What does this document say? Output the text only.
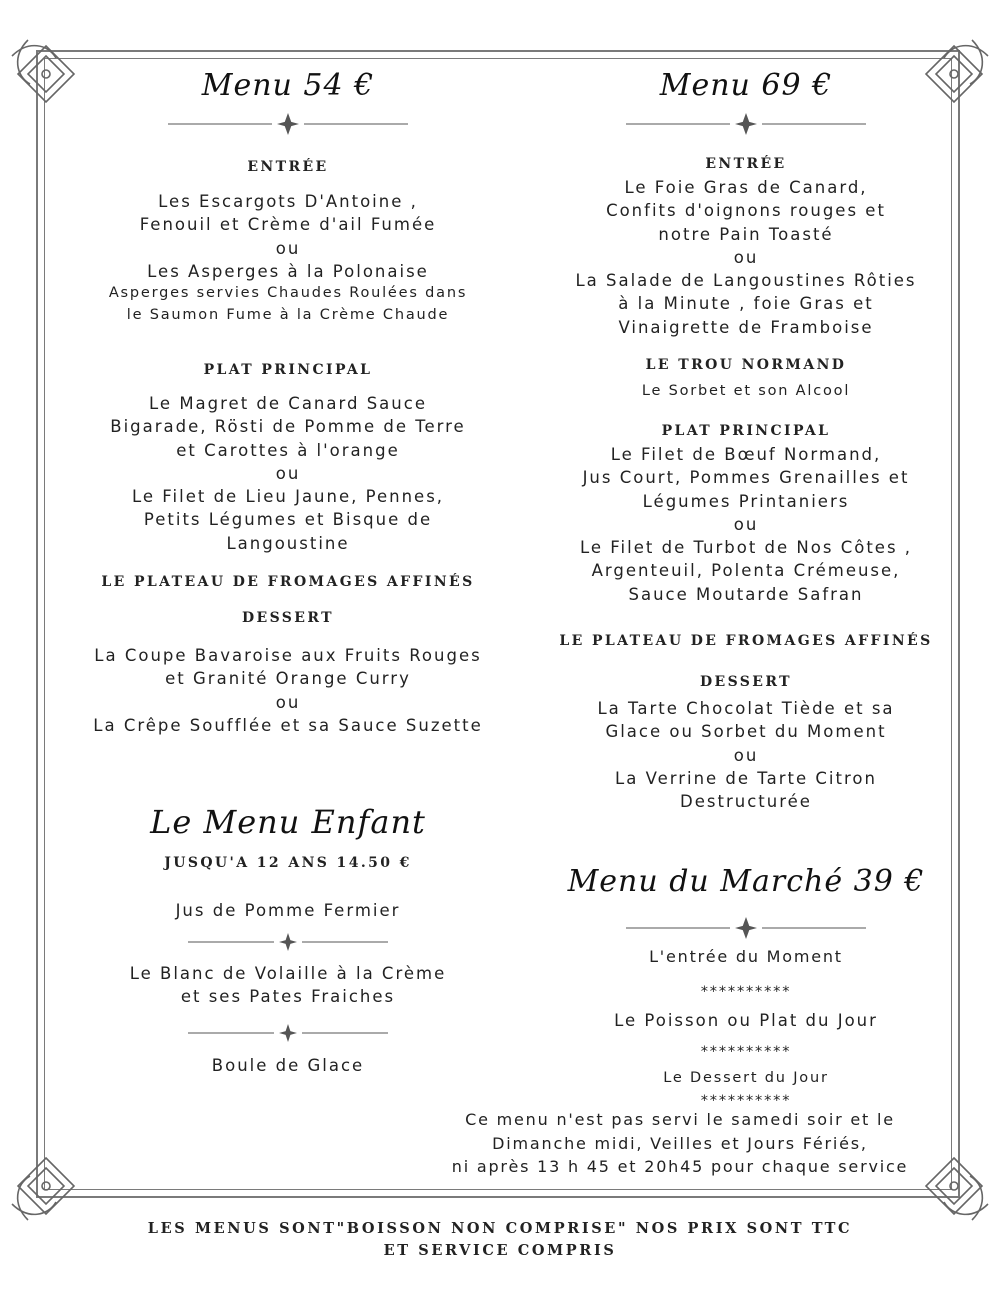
Menu 54 €
ENTRÉE
Les Escargots D'Antoine ,
Fenouil et Crème d'ail Fumée
ou
Les Asperges à la Polonaise
Asperges servies Chaudes Roulées dans
le Saumon Fume à la Crème Chaude
PLAT PRINCIPAL
Le Magret de Canard Sauce
Bigarade, Rösti de Pomme de Terre
et Carottes à l'orange
ou
Le Filet de Lieu Jaune, Pennes,
Petits Légumes et Bisque de
Langoustine
LE PLATEAU DE FROMAGES AFFINÉS
DESSERT
La Coupe Bavaroise aux Fruits Rouges
et Granité Orange Curry
ou
La Crêpe Soufflée et sa Sauce Suzette
Le Menu Enfant
JUSQU'A 12 ANS 14.50 €
Jus de Pomme Fermier
Le Blanc de Volaille à la Crème
et ses Pates Fraiches
Boule de Glace
Menu 69 €
ENTRÉE
Le Foie Gras de Canard,
Confits d'oignons rouges et
notre Pain Toasté
ou
La Salade de Langoustines Rôties
à la Minute , foie Gras et
Vinaigrette de Framboise
LE TROU NORMAND
Le Sorbet et son Alcool
PLAT PRINCIPAL
Le Filet de Bœuf Normand,
Jus Court, Pommes Grenailles et
Légumes Printaniers
ou
Le Filet de Turbot de Nos Côtes ,
Argenteuil, Polenta Crémeuse,
Sauce Moutarde Safran
LE PLATEAU DE FROMAGES AFFINÉS
DESSERT
La Tarte Chocolat Tiède et sa
Glace ou Sorbet du Moment
ou
La Verrine de Tarte Citron
Destructurée
Menu du Marché 39 €
L'entrée du Moment
**********
Le Poisson ou Plat du Jour
**********
Le Dessert du Jour
**********
Ce menu n'est pas servi le samedi soir et le
Dimanche midi, Veilles et Jours Fériés,
ni après 13 h 45 et 20h45 pour chaque service
LES MENUS SONT"BOISSON NON COMPRISE" NOS PRIX SONT TTC
ET SERVICE COMPRIS
